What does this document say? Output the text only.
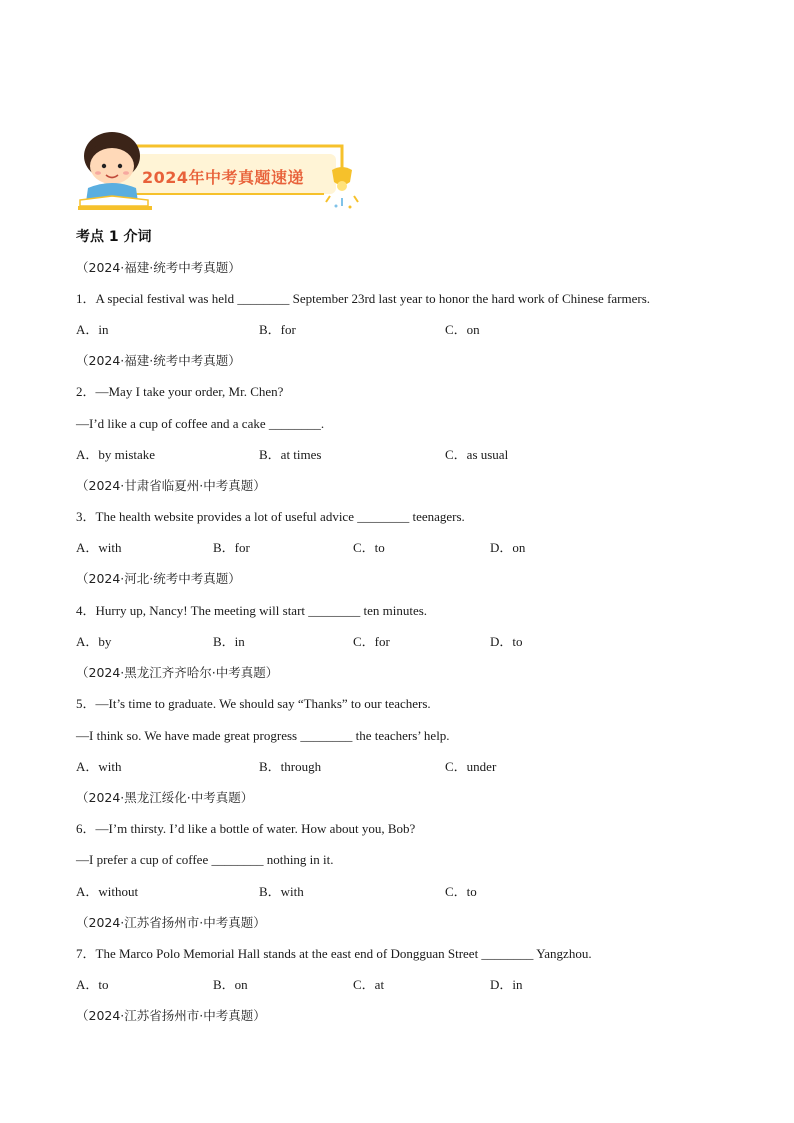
2024年中考真题速递
考点 1 介词
（2024·福建·统考中考真题）
1．A special festival was held ________ September 23rd last year to honor the hard work of Chinese farmers.
A．in	B．for	C．on
（2024·福建·统考中考真题）
2．—May I take your order, Mr. Chen?
—I’d like a cup of coffee and a cake ________.
A．by mistake	B．at times	C．as usual
（2024·甘肃省临夏州·中考真题）
3．The health website provides a lot of useful advice ________ teenagers.
A．with	B．for	C．to	D．on
（2024·河北·统考中考真题）
4．Hurry up, Nancy! The meeting will start ________ ten minutes.
A．by	B．in	C．for	D．to
（2024·黑龙江齐齐哈尔·中考真题）
5．—It’s time to graduate. We should say “Thanks” to our teachers.
—I think so. We have made great progress ________ the teachers’ help.
A．with	B．through	C．under
（2024·黑龙江绥化·中考真题）
6．—I’m thirsty. I’d like a bottle of water. How about you, Bob?
—I prefer a cup of coffee ________ nothing in it.
A．without	B．with	C．to
（2024·江苏省扬州市·中考真题）
7．The Marco Polo Memorial Hall stands at the east end of Dongguan Street ________ Yangzhou.
A．to	B．on	C．at	D．in
（2024·江苏省扬州市·中考真题）
